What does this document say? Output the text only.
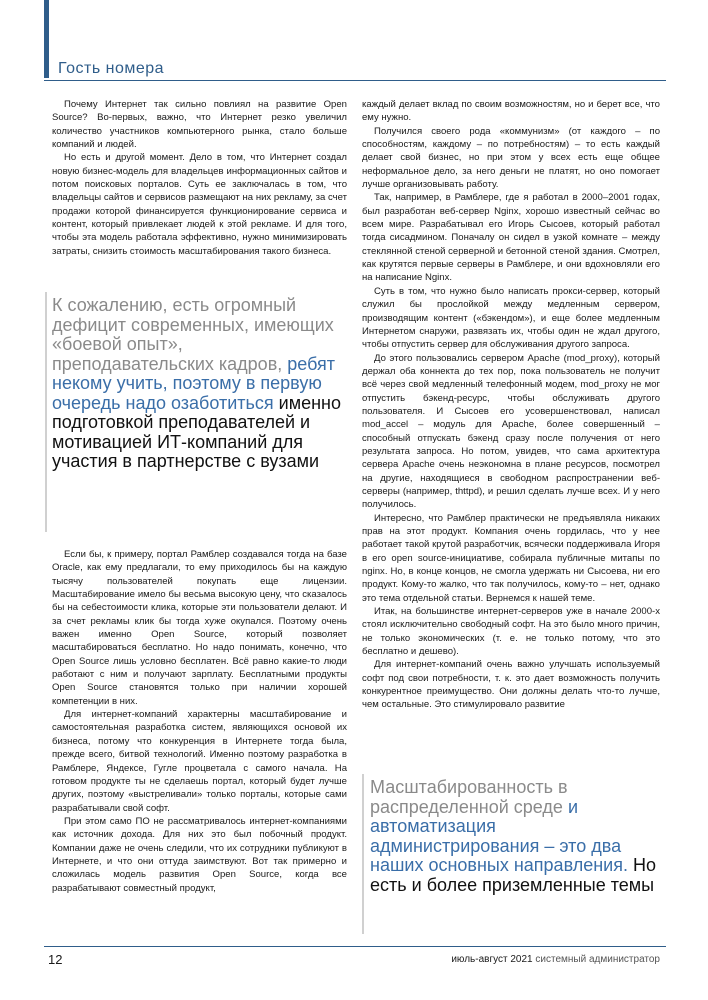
Гость номера

Почему Интернет так сильно повлиял на развитие Open Source? Во-первых, важно, что Интернет резко увеличил количество участников компьютерного рынка, стало больше компаний и людей.

Но есть и другой момент. Дело в том, что Интернет создал новую бизнес-модель для владельцев информационных сайтов и потом поисковых порталов. Суть ее заключалась в том, что владельцы сайтов и сервисов размещают на них рекламу, за счет продажи которой финансируется функционирование сервиса и контент, который привлекает людей к этой рекламе. И для того, чтобы эта модель работала эффективно, нужно минимизировать затраты, снизить стоимость масштабирования такого бизнеса.

К сожалению, есть огромный дефицит современных, имеющих «боевой опыт», преподавательских кадров, ребят некому учить, поэтому в первую очередь надо озаботиться именно подготовкой преподавателей и мотивацией ИТ-компаний для участия в партнерстве с вузами

Если бы, к примеру, портал Рамблер создавался тогда на базе Oracle, как ему предлагали, то ему приходилось бы на каждую тысячу пользователей покупать еще лицензии. Масштабирование имело бы весьма высокую цену, что сказалось бы на себестоимости клика, которые эти пользователи делают. И за счет рекламы клик бы тогда хуже окупался. Поэтому очень важен именно Open Source, который позволяет масштабироваться бесплатно. Но надо понимать, конечно, что Open Source лишь условно бесплатен. Всё равно какие-то люди работают с ним и получают зарплату. Бесплатными продукты Open Source становятся только при наличии хорошей компетенции в них.

Для интернет-компаний характерны масштабирование и самостоятельная разработка систем, являющихся основой их бизнеса, потому что конкуренция в Интернете тогда была, прежде всего, битвой технологий. Именно поэтому разработка в Рамблере, Яндексе, Гугле процветала с самого начала. На готовом продукте ты не сделаешь портал, который будет лучше других, поэтому «выстреливали» только порталы, которые сами разрабатывали свой софт.

При этом само ПО не рассматривалось интернет-компаниями как источник дохода. Для них это был побочный продукт. Компании даже не очень следили, что их сотрудники публикуют в Интернете, и что они оттуда заимствуют. Вот так примерно и сложилась модель развития Open Source, когда все разрабатывают совместный продукт,

каждый делает вклад по своим возможностям, но и берет все, что ему нужно.

Получился своего рода «коммунизм» (от каждого – по способностям, каждому – по потребностям) – то есть каждый делает свой бизнес, но при этом у всех есть еще общее неформальное дело, за него деньги не платят, но оно помогает лучше организовывать работу.

Так, например, в Рамблере, где я работал в 2000–2001 годах, был разработан веб-сервер Nginx, хорошо известный сейчас во всем мире. Разрабатывал его Игорь Сысоев, который работал тогда сисадмином. Поначалу он сидел в узкой комнате – между стеклянной стеной серверной и бетонной стеной здания. Смотрел, как крутятся первые серверы в Рамблере, и они вдохновляли его на написание Nginx.

Суть в том, что нужно было написать прокси-сервер, который служил бы прослойкой между медленным сервером, производящим контент («бэкендом»), и еще более медленным Интернетом снаружи, развязать их, чтобы один не ждал другого, чтобы отпустить сервер для обслуживания другого запроса.

До этого пользовались сервером Apache (mod_proxy), который держал оба коннекта до тех пор, пока пользователь не получит всё через свой медленный телефонный модем, mod_proxy не мог отпустить бэкенд-ресурс, чтобы обслуживать другого пользователя. И Сысоев его усовершенствовал, написал mod_accel – модуль для Apache, более совершенный – способный отпускать бэкенд сразу после получения от него результата запроса. Но потом, увидев, что сама архитектура сервера Apache очень неэкономна в плане ресурсов, посмотрел на другие, находящиеся в свободном распространении веб-серверы (например, thttpd), и решил сделать лучше всех. И у него получилось.

Интересно, что Рамблер практически не предъявляла никаких прав на этот продукт. Компания очень гордилась, что у нее работает такой крутой разработчик, всячески поддерживала Игоря в его open source-инициативе, собирала публичные митапы по nginx. Но, в конце концов, не смогла удержать ни Сысоева, ни его продукт. Кому-то жалко, что так получилось, кому-то – нет, однако это тема отдельной статьи. Вернемся к нашей теме.

Итак, на большинстве интернет-серверов уже в начале 2000-х стоял исключительно свободный софт. На это было много причин, не только экономических (т. е. не только потому, что это бесплатно и дешево).

Для интернет-компаний очень важно улучшать используемый софт под свои потребности, т. к. это дает возможность получить конкурентное преимущество. Они должны делать что-то лучше, чем остальные. Это стимулировало развитие

Масштабированность в распределенной среде и автоматизация администрирования – это два наших основных направления. Но есть и более приземленные темы
12	июль-август 2021 системный администратор
